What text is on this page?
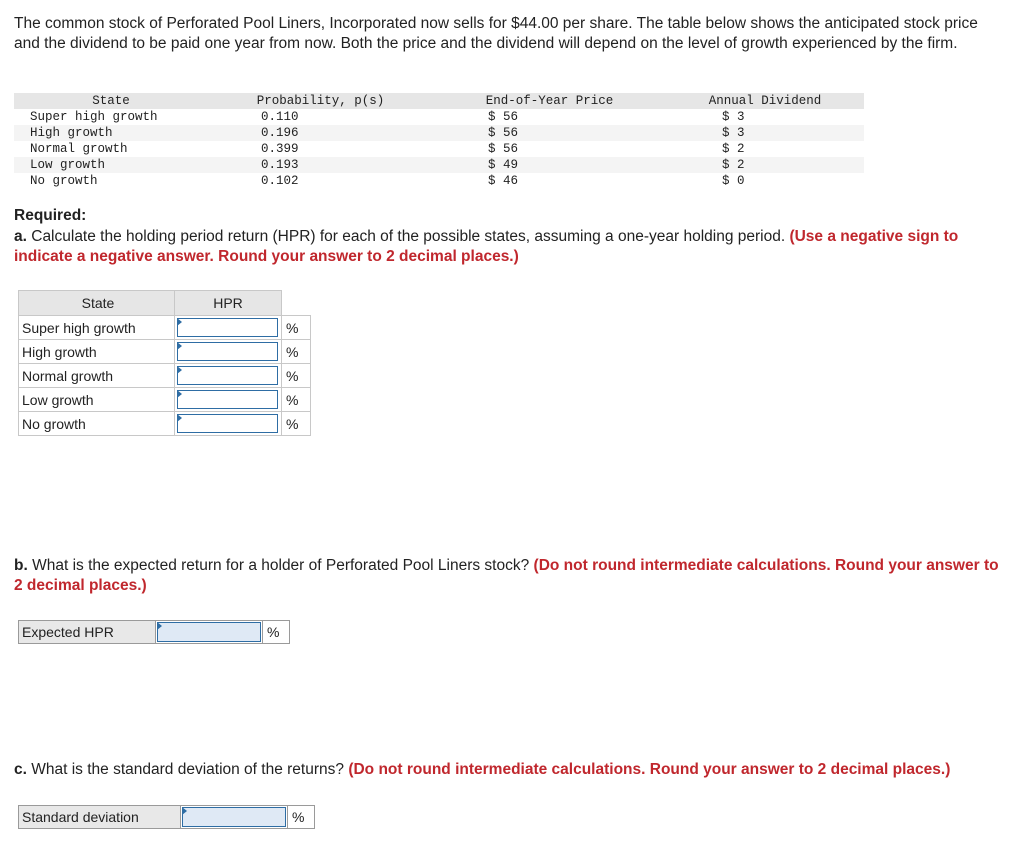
The common stock of Perforated Pool Liners, Incorporated now sells for $44.00 per share. The table below shows the anticipated stock price and the dividend to be paid one year from now. Both the price and the dividend will depend on the level of growth experienced by the firm.

State	Probability, p(s)	End-of-Year Price	Annual Dividend
Super high growth	0.110	$ 56	$ 3
High growth	0.196	$ 56	$ 3
Normal growth	0.399	$ 56	$ 2
Low growth	0.193	$ 49	$ 2
No growth	0.102	$ 46	$ 0
Required:

a. Calculate the holding period return (HPR) for each of the possible states, assuming a one-year holding period. (Use a negative sign to indicate a negative answer. Round your answer to 2 decimal places.)

State	HPR	
Super high growth		%
High growth		%
Normal growth		%
Low growth		%
No growth		%

b. What is the expected return for a holder of Perforated Pool Liners stock? (Do not round intermediate calculations. Round your answer to 2 decimal places.)

Expected HPR		%

c. What is the standard deviation of the returns? (Do not round intermediate calculations. Round your answer to 2 decimal places.)

Standard deviation		%
